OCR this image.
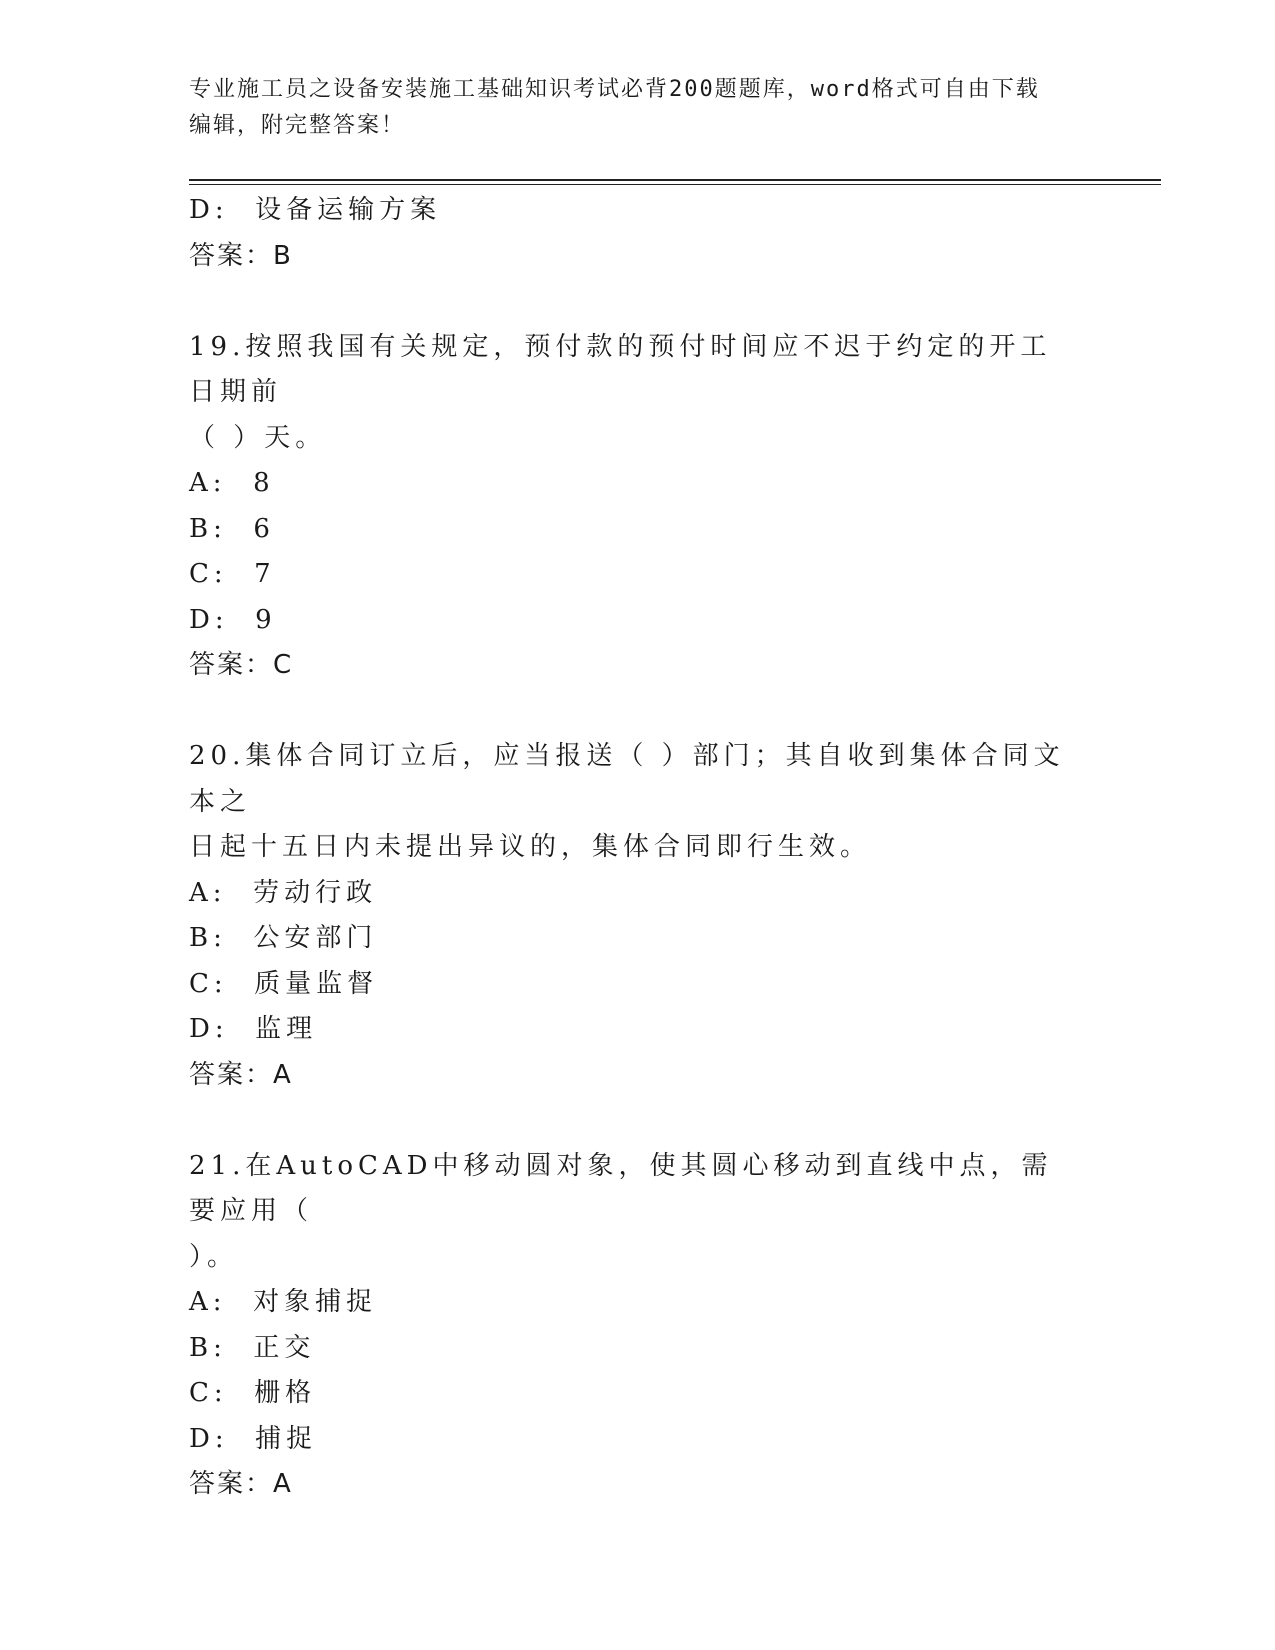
专业施工员之设备安装施工基础知识考试必背200题题库，word格式可自由下载
编辑，附完整答案！
D:  设备运输方案
答案：B
19.按照我国有关规定，预付款的预付时间应不迟于约定的开工日期前
（ ）天。
A:  8
B:  6
C:  7
D:  9
答案：C
20.集体合同订立后，应当报送（ ）部门；其自收到集体合同文本之
日起十五日内未提出异议的，集体合同即行生效。
A:  劳动行政
B:  公安部门
C:  质量监督
D:  监理
答案：A
21.在AutoCAD中移动圆对象，使其圆心移动到直线中点，需要应用（
）。
A:  对象捕捉
B:  正交
C:  栅格
D:  捕捉
答案：A
